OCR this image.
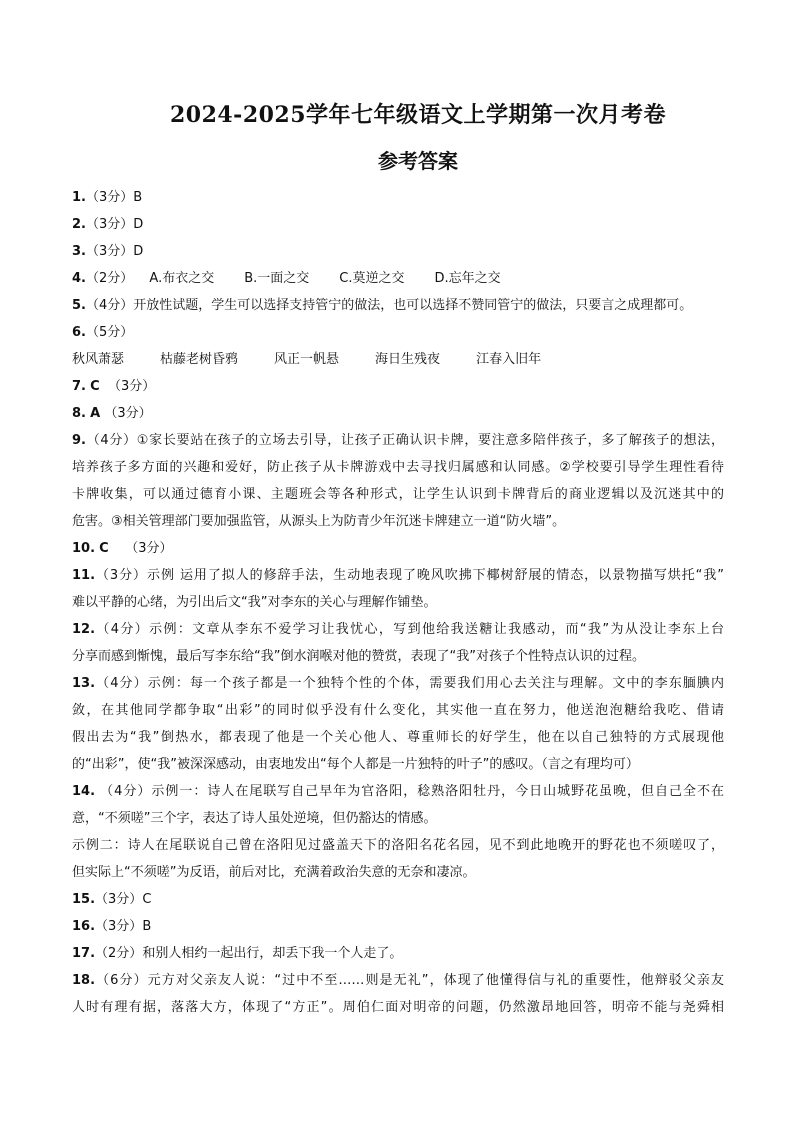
2024-2025学年七年级语文上学期第一次月考卷
参考答案
1.（3分）B
2.（3分）D
3.（3分）D
4.（2分） A.布衣之交 B.一面之交 C.莫逆之交 D.忘年之交
5.（4分）开放性试题，学生可以选择支持管宁的做法，也可以选择不赞同管宁的做法，只要言之成理都可。
6.（5分）
秋风萧瑟	枯藤老树昏鸦	风正一帆悬	海日生残夜	江春入旧年
7. C （3分）
8. A （3分）
9.（4分）①家长要站在孩子的立场去引导，让孩子正确认识卡牌，要注意多陪伴孩子，多了解孩子的想法，
培养孩子多方面的兴趣和爱好，防止孩子从卡牌游戏中去寻找归属感和认同感。②学校要引导学生理性看待
卡牌收集，可以通过德育小课、主题班会等各种形式，让学生认识到卡牌背后的商业逻辑以及沉迷其中的
危害。③相关管理部门要加强监管，从源头上为防青少年沉迷卡牌建立一道“防火墙”。
10. C （3分）
11.（3分）示例 运用了拟人的修辞手法，生动地表现了晚风吹拂下椰树舒展的情态，以景物描写烘托“我”
难以平静的心绪，为引出后文“我”对李东的关心与理解作铺垫。
12.（4分）示例：文章从李东不爱学习让我忧心，写到他给我送糖让我感动，而“我”为从没让李东上台
分享而感到惭愧，最后写李东给“我”倒水润喉对他的赞赏，表现了“我”对孩子个性特点认识的过程。
13.（4分）示例：每一个孩子都是一个独特个性的个体，需要我们用心去关注与理解。文中的李东腼腆内
敛，在其他同学都争取“出彩”的同时似乎没有什么变化，其实他一直在努力，他送泡泡糖给我吃、借请
假出去为“我”倒热水，都表现了他是一个关心他人、尊重师长的好学生，他在以自己独特的方式展现他
的“出彩”，使“我”被深深感动，由衷地发出“每个人都是一片独特的叶子”的感叹。（言之有理均可）
14. （4分）示例一：诗人在尾联写自己早年为官洛阳，稔熟洛阳牡丹，今日山城野花虽晚，但自己全不在
意，“不须嗟”三个字，表达了诗人虽处逆境，但仍豁达的情感。
示例二：诗人在尾联说自己曾在洛阳见过盛盖天下的洛阳名花名园，见不到此地晚开的野花也不须嗟叹了，
但实际上“不须嗟”为反语，前后对比，充满着政治失意的无奈和凄凉。
15.（3分）C
16.（3分）B
17.（2分）和别人相约一起出行，却丢下我一个人走了。
18.（6分）元方对父亲友人说：“过中不至……则是无礼”，体现了他懂得信与礼的重要性，他辩驳父亲友
人时有理有据，落落大方，体现了“方正”。周伯仁面对明帝的问题，仍然激昂地回答，明帝不能与尧舜相
